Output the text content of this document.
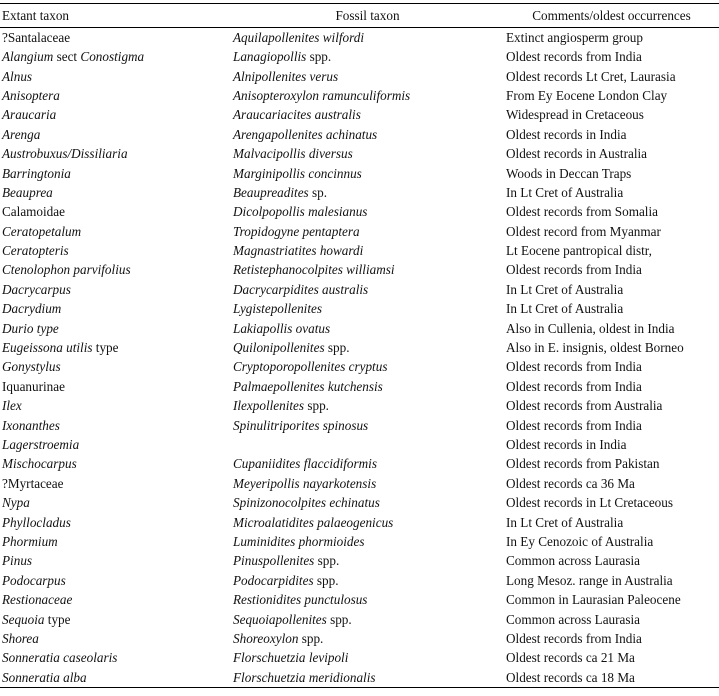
Extant taxon	Fossil taxon	Comments/oldest occurrences
?Santalaceae	Aquilapollenites wilfordi	Extinct angiosperm group
Alangium sect Conostigma	Lanagiopollis spp.	Oldest records from India
Alnus	Alnipollenites verus	Oldest records Lt Cret, Laurasia
Anisoptera	Anisopteroxylon ramunculiformis	From Ey Eocene London Clay
Araucaria	Araucariacites australis	Widespread in Cretaceous
Arenga	Arengapollenites achinatus	Oldest records in India
Austrobuxus/Dissiliaria	Malvacipollis diversus	Oldest records in Australia
Barringtonia	Marginipollis concinnus	Woods in Deccan Traps
Beauprea	Beaupreadites sp.	In Lt Cret of Australia
Calamoidae	Dicolpopollis malesianus	Oldest records from Somalia
Ceratopetalum	Tropidogyne pentaptera	Oldest record from Myanmar
Ceratopteris	Magnastriatites howardi	Lt Eocene pantropical distr,
Ctenolophon parvifolius	Retistephanocolpites williamsi	Oldest records from India
Dacrycarpus	Dacrycarpidites australis	In Lt Cret of Australia
Dacrydium	Lygistepollenites	In Lt Cret of Australia
Durio type	Lakiapollis ovatus	Also in Cullenia, oldest in India
Eugeissona utilis type	Quilonipollenites spp.	Also in E. insignis, oldest Borneo
Gonystylus	Cryptoporopollenites cryptus	Oldest records from India
Iquanurinae	Palmaepollenites kutchensis	Oldest records from India
Ilex	Ilexpollenites spp.	Oldest records from Australia
Ixonanthes	Spinulitriporites spinosus	Oldest records from India
Lagerstroemia		Oldest records in India
Mischocarpus	Cupaniidites flaccidiformis	Oldest records from Pakistan
?Myrtaceae	Meyeripollis nayarkotensis	Oldest records ca 36 Ma
Nypa	Spinizonocolpites echinatus	Oldest records in Lt Cretaceous
Phyllocladus	Microalatidites palaeogenicus	In Lt Cret of Australia
Phormium	Luminidites phormioides	In Ey Cenozoic of Australia
Pinus	Pinuspollenites spp.	Common across Laurasia
Podocarpus	Podocarpidites spp.	Long Mesoz. range in Australia
Restionaceae	Restionidites punctulosus	Common in Laurasian Paleocene
Sequoia type	Sequoiapollenites spp.	Common across Laurasia
Shorea	Shoreoxylon spp.	Oldest records from India
Sonneratia caseolaris	Florschuetzia levipoli	Oldest records ca 21 Ma
Sonneratia alba	Florschuetzia meridionalis	Oldest records ca 18 Ma
